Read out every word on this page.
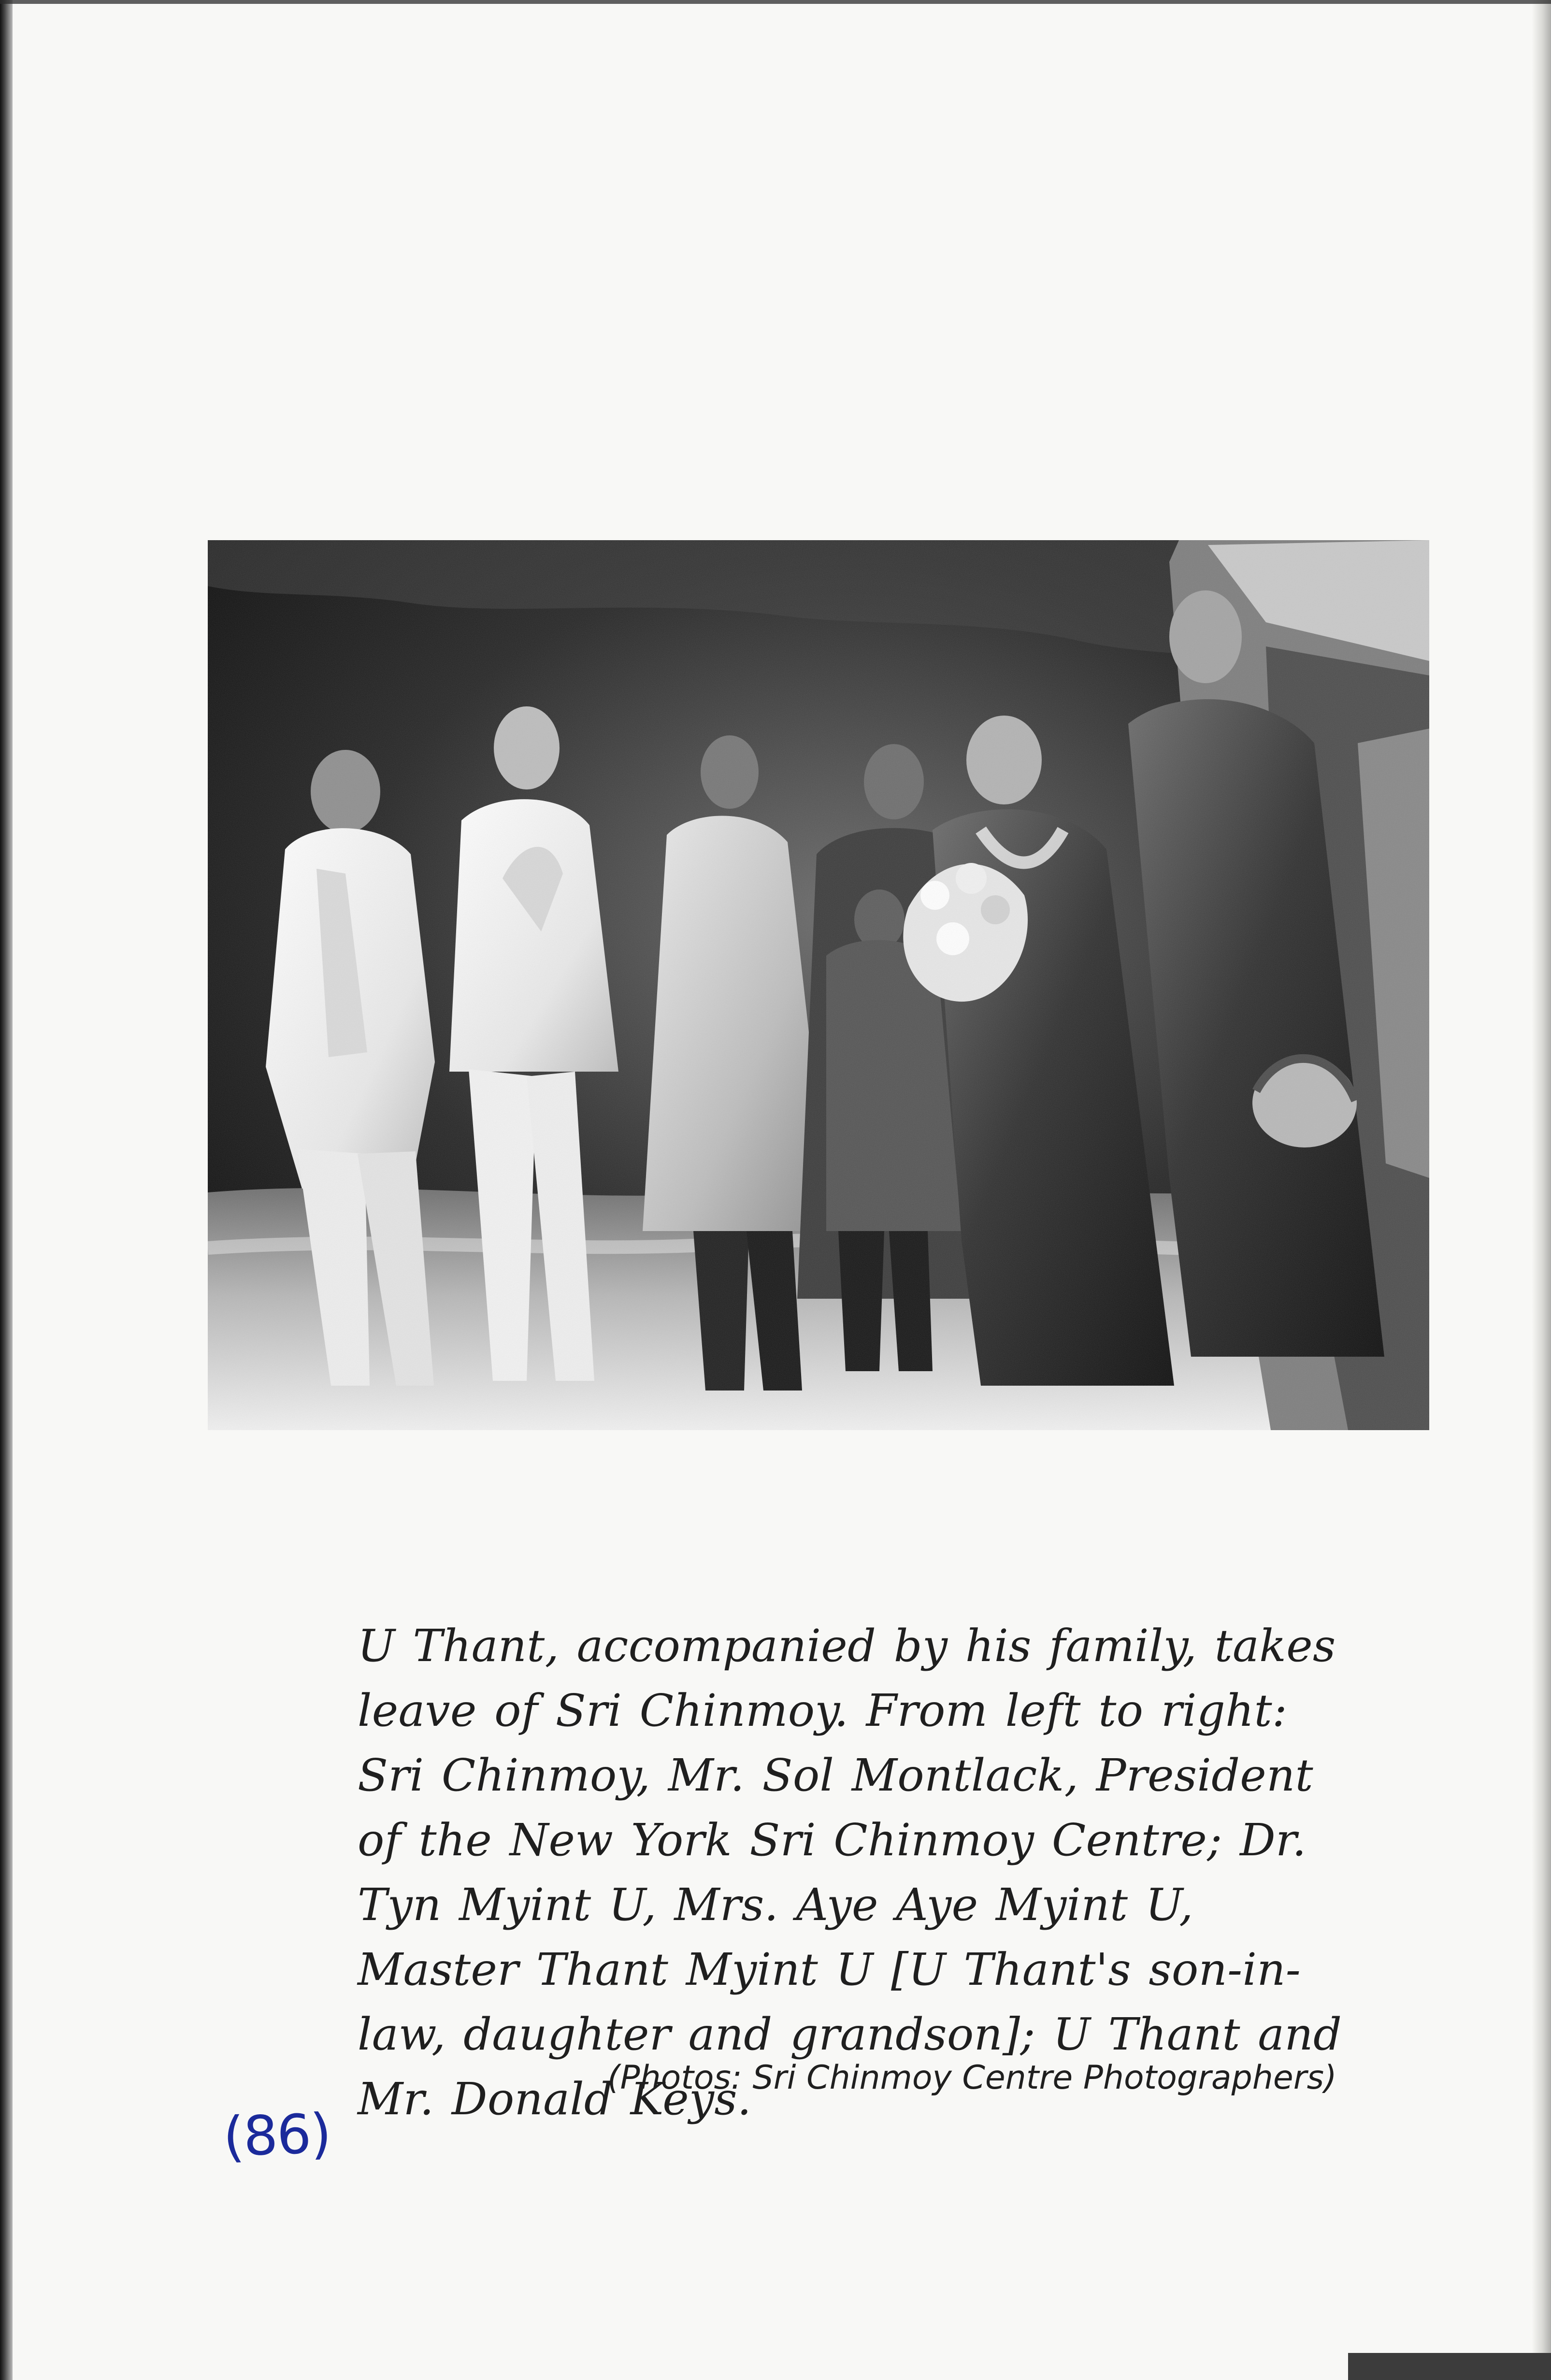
U Thant, accompanied by his family, takes leave of Sri Chinmoy. From left to right: Sri Chinmoy, Mr. Sol Montlack, President of the New York Sri Chinmoy Centre; Dr. Tyn Myint U, Mrs. Aye Aye Myint U, Master Thant Myint U [U Thant's son-in-law, daughter and grandson]; U Thant and Mr. Donald Keys.
(Photos: Sri Chinmoy Centre Photographers)
(86)
